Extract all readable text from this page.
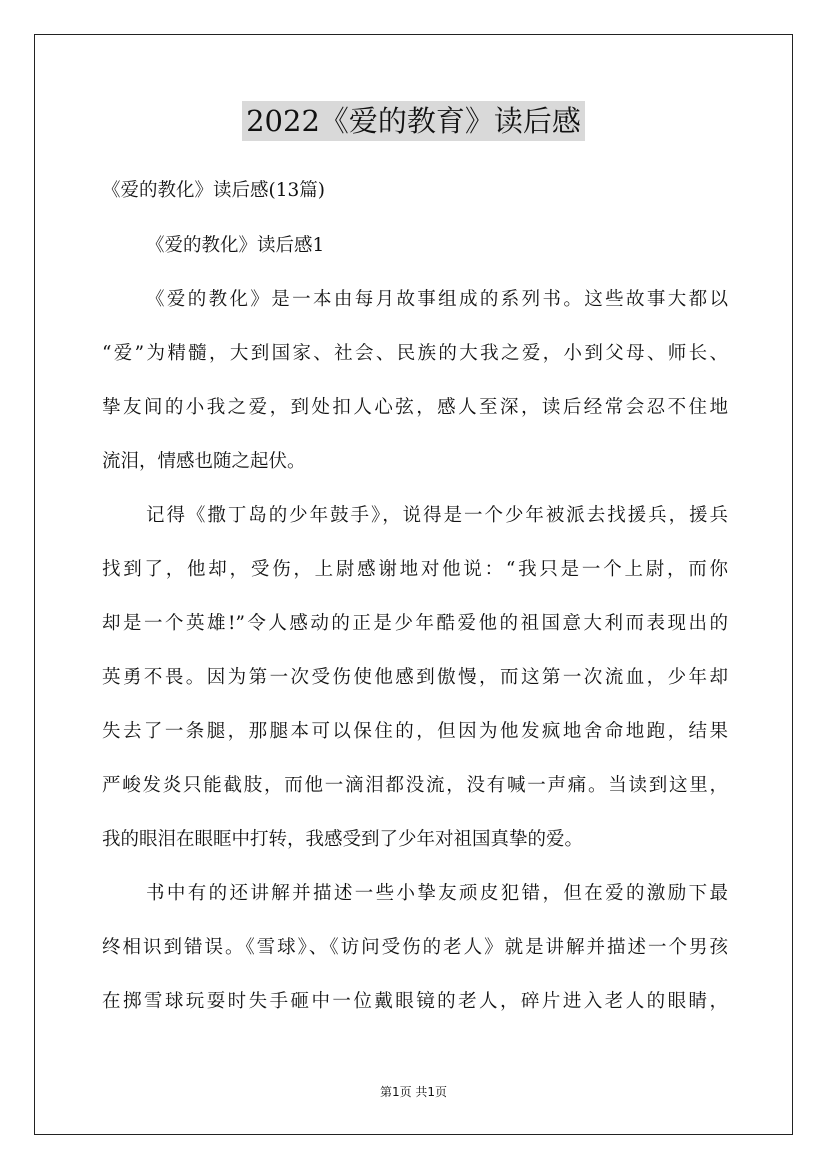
2022《爱的教育》读后感
《爱的教化》读后感(13篇)
《爱的教化》读后感1
《爱的教化》是一本由每月故事组成的系列书。这些故事大都以
“爱”为精髓，大到国家、社会、民族的大我之爱，小到父母、师长、
挚友间的小我之爱，到处扣人心弦，感人至深，读后经常会忍不住地
流泪，情感也随之起伏。
记得《撒丁岛的少年鼓手》，说得是一个少年被派去找援兵，援兵
找到了，他却，受伤，上尉感谢地对他说：“我只是一个上尉，而你
却是一个英雄!”令人感动的正是少年酷爱他的祖国意大利而表现出的
英勇不畏。因为第一次受伤使他感到傲慢，而这第一次流血，少年却
失去了一条腿，那腿本可以保住的，但因为他发疯地舍命地跑，结果
严峻发炎只能截肢，而他一滴泪都没流，没有喊一声痛。当读到这里，
我的眼泪在眼眶中打转，我感受到了少年对祖国真挚的爱。
书中有的还讲解并描述一些小挚友顽皮犯错，但在爱的激励下最
终相识到错误。《雪球》、《访问受伤的老人》就是讲解并描述一个男孩
在掷雪球玩耍时失手砸中一位戴眼镜的老人，碎片进入老人的眼睛，
第1页 共1页
